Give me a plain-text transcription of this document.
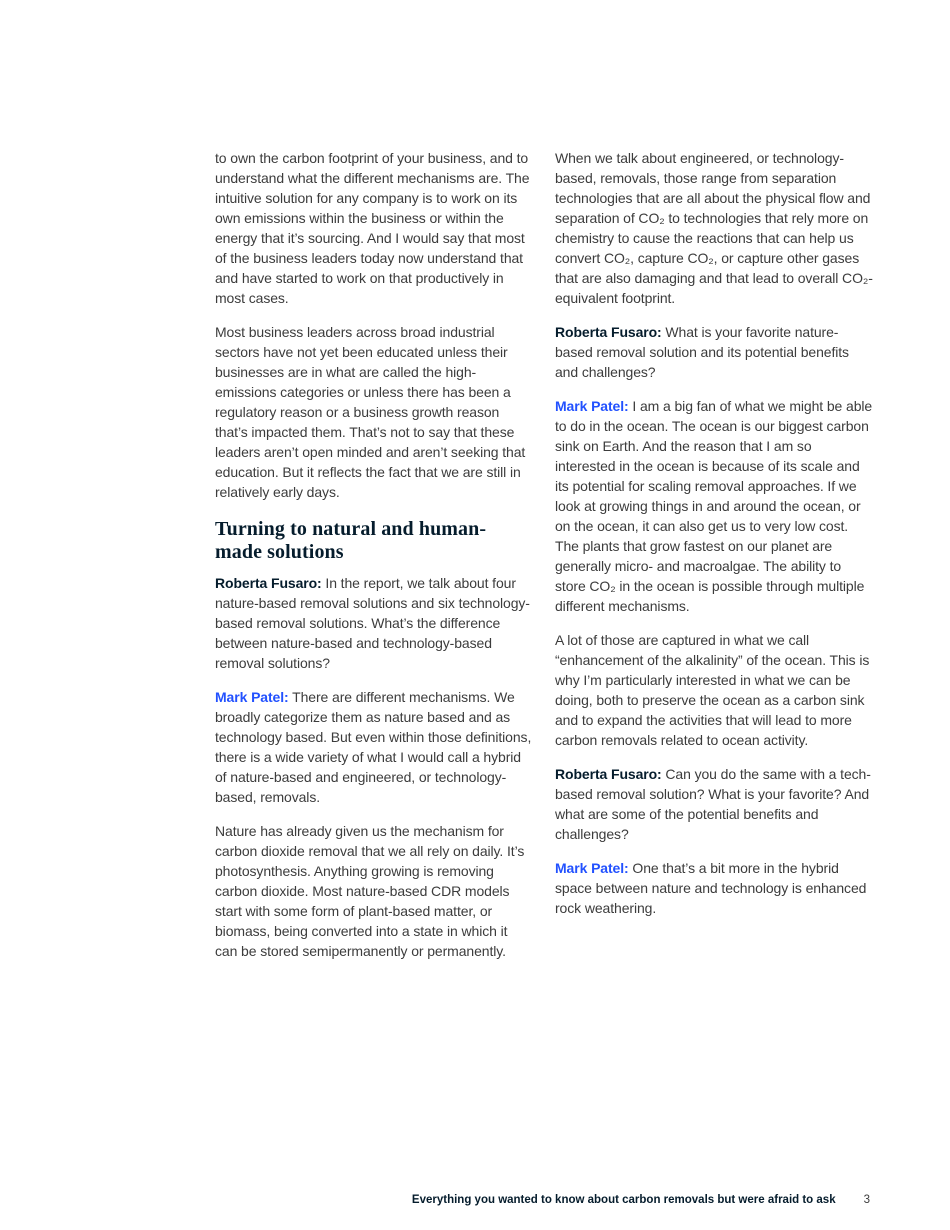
to own the carbon footprint of your business, and to understand what the different mechanisms are. The intuitive solution for any company is to work on its own emissions within the business or within the energy that it’s sourcing. And I would say that most of the business leaders today now understand that and have started to work on that productively in most cases.

Most business leaders across broad industrial sectors have not yet been educated unless their businesses are in what are called the high-emissions categories or unless there has been a regulatory reason or a business growth reason that’s impacted them. That’s not to say that these leaders aren’t open minded and aren’t seeking that education. But it reflects the fact that we are still in relatively early days.

Turning to natural and human-made solutions

Roberta Fusaro: In the report, we talk about four nature-based removal solutions and six technology-based removal solutions. What’s the difference between nature-based and technology-based removal solutions?

Mark Patel: There are different mechanisms. We broadly categorize them as nature based and as technology based. But even within those definitions, there is a wide variety of what I would call a hybrid of nature-based and engineered, or technology-based, removals.

Nature has already given us the mechanism for carbon dioxide removal that we all rely on daily. It’s photosynthesis. Anything growing is removing carbon dioxide. Most nature-based CDR models start with some form of plant-based matter, or biomass, being converted into a state in which it can be stored semipermanently or permanently.

When we talk about engineered, or technology-based, removals, those range from separation technologies that are all about the physical flow and separation of CO₂ to technologies that rely more on chemistry to cause the reactions that can help us convert CO₂, capture CO₂, or capture other gases that are also damaging and that lead to overall CO₂-equivalent footprint.

Roberta Fusaro: What is your favorite nature-based removal solution and its potential benefits and challenges?

Mark Patel: I am a big fan of what we might be able to do in the ocean. The ocean is our biggest carbon sink on Earth. And the reason that I am so interested in the ocean is because of its scale and its potential for scaling removal approaches. If we look at growing things in and around the ocean, or on the ocean, it can also get us to very low cost. The plants that grow fastest on our planet are generally micro- and macroalgae. The ability to store CO₂ in the ocean is possible through multiple different mechanisms.

A lot of those are captured in what we call “enhancement of the alkalinity” of the ocean. This is why I’m particularly interested in what we can be doing, both to preserve the ocean as a carbon sink and to expand the activities that will lead to more carbon removals related to ocean activity.

Roberta Fusaro: Can you do the same with a tech-based removal solution? What is your favorite? And what are some of the potential benefits and challenges?

Mark Patel: One that’s a bit more in the hybrid space between nature and technology is enhanced rock weathering.

Everything you wanted to know about carbon removals but were afraid to ask 3
